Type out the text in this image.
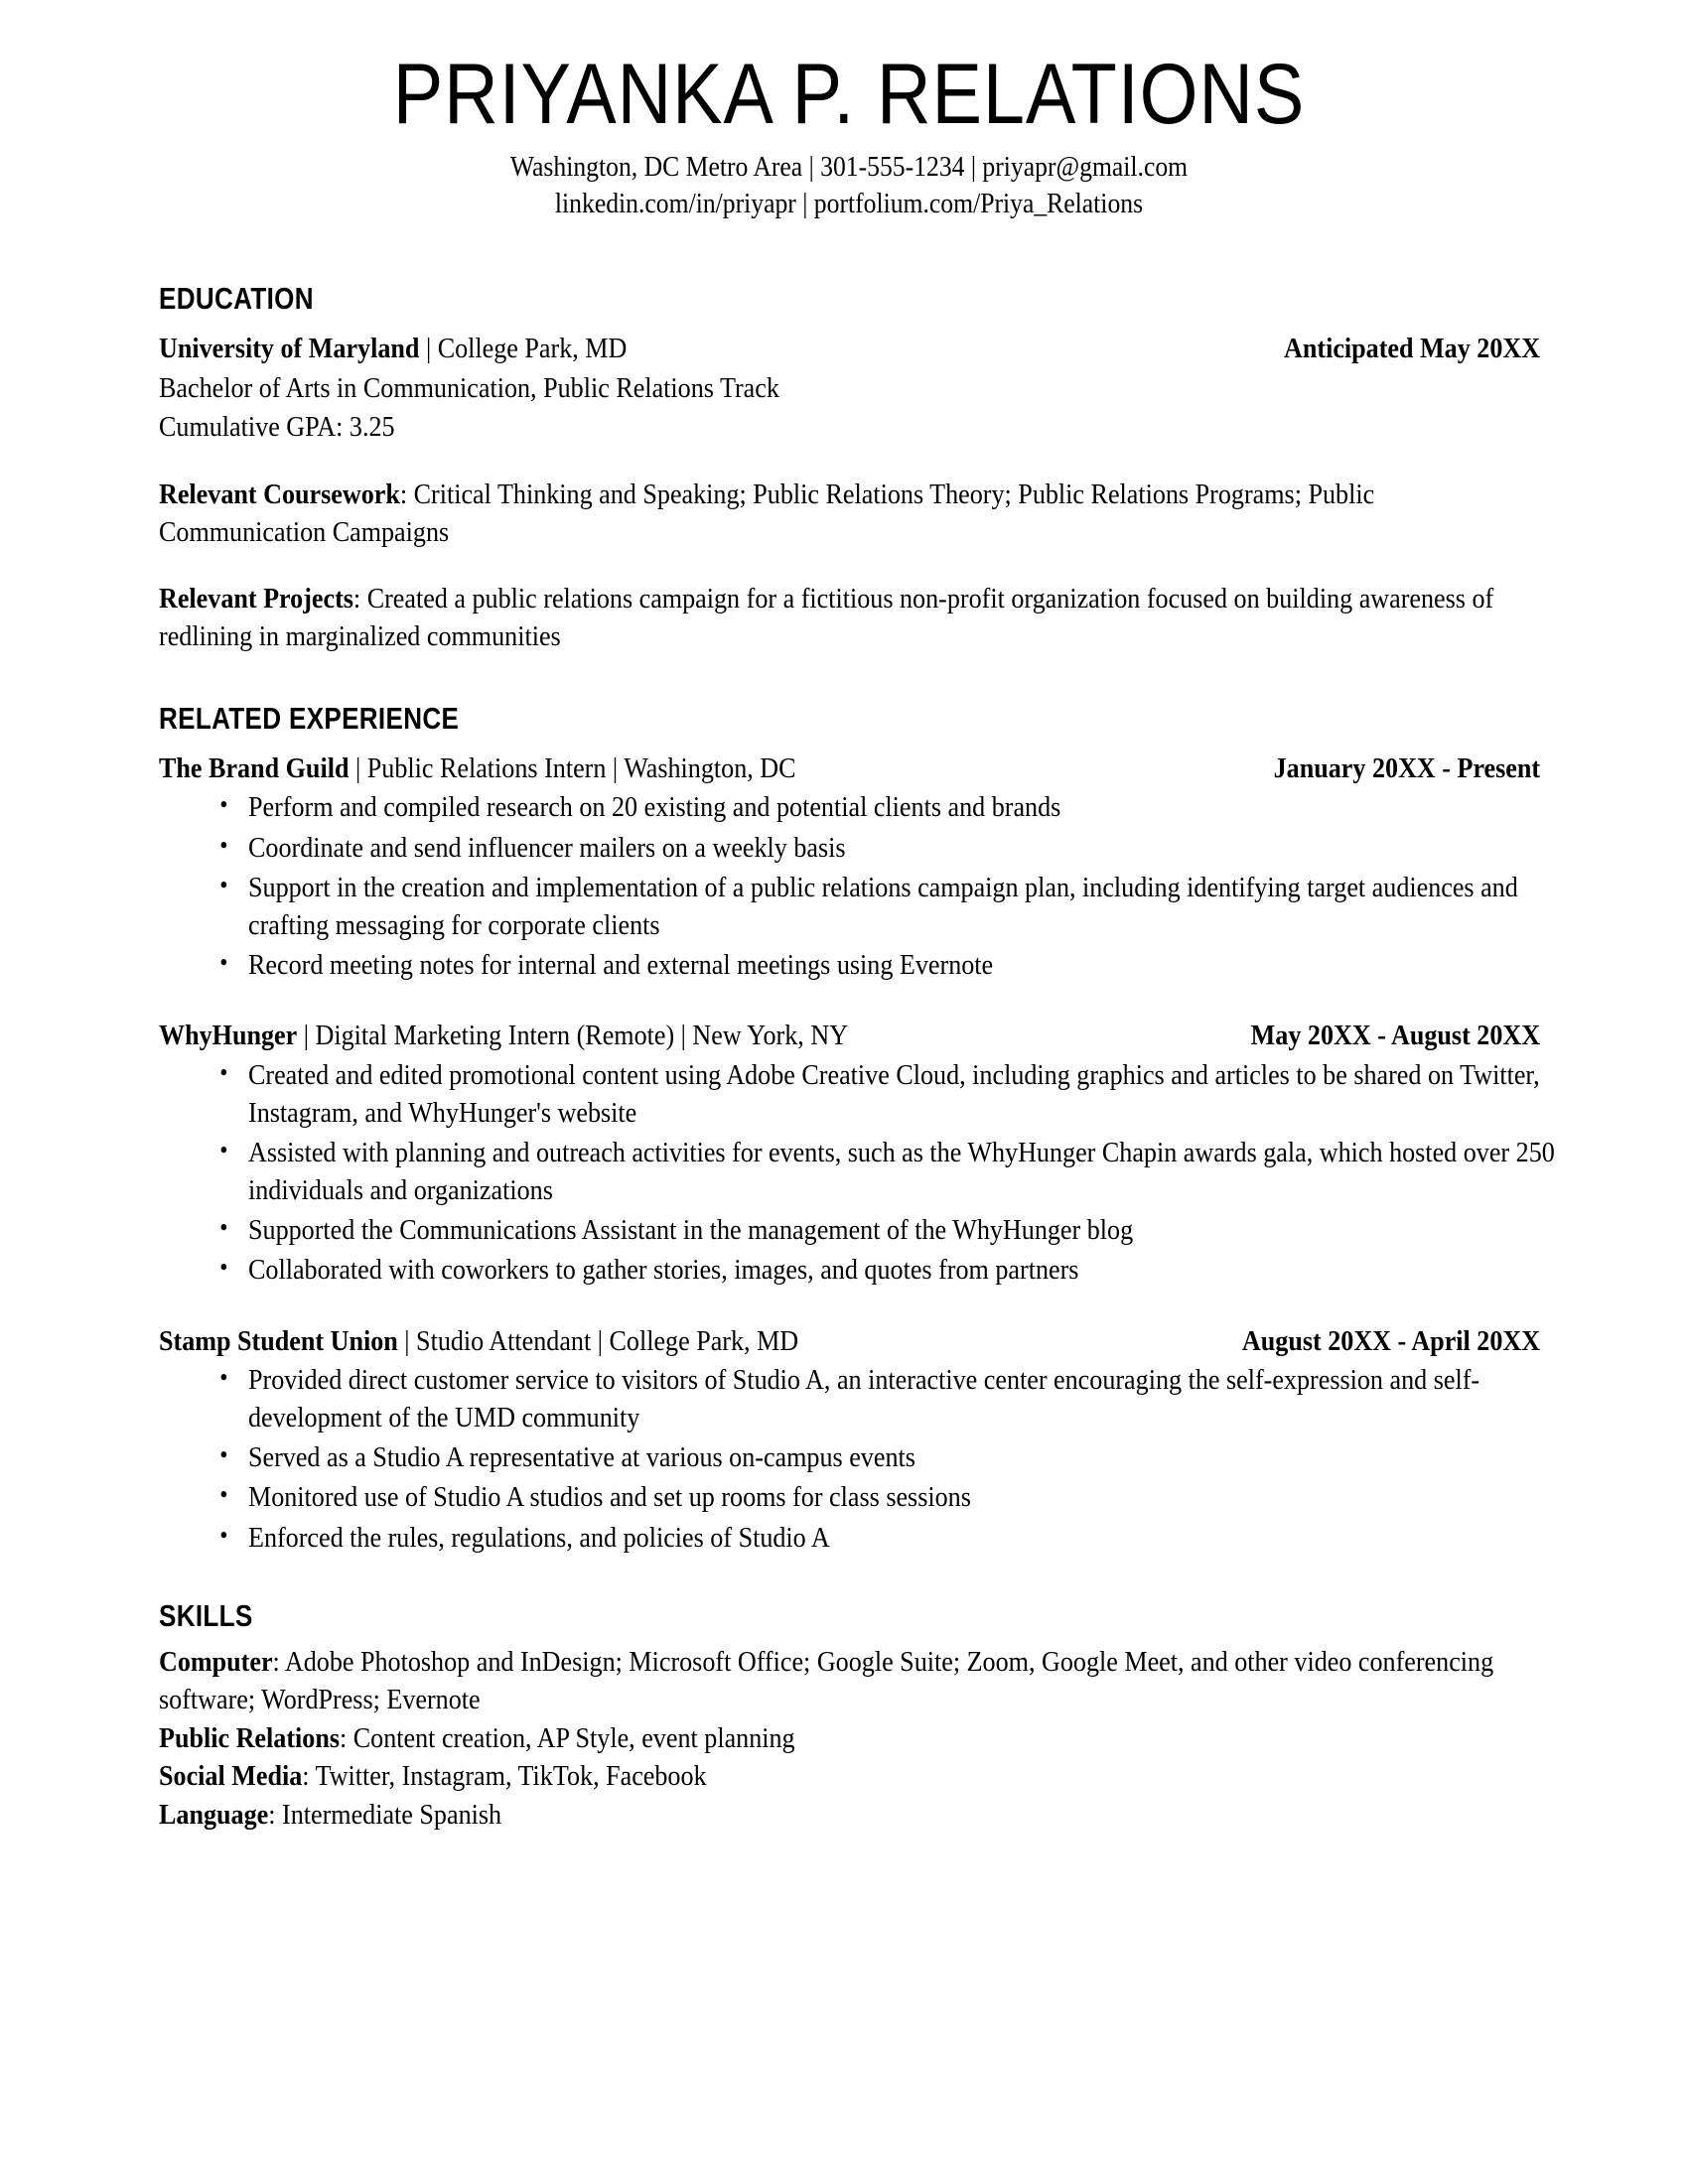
PRIYANKA P. RELATIONS
Washington, DC Metro Area | 301-555-1234 | priyapr@gmail.com
linkedin.com/in/priyapr | portfolium.com/Priya_Relations
EDUCATION
University of Maryland | College Park, MD	Anticipated May 20XX
Bachelor of Arts in Communication, Public Relations Track
Cumulative GPA: 3.25
Relevant Coursework: Critical Thinking and Speaking; Public Relations Theory; Public Relations Programs; Public Communication Campaigns
Relevant Projects: Created a public relations campaign for a fictitious non-profit organization focused on building awareness of redlining in marginalized communities
RELATED EXPERIENCE
The Brand Guild | Public Relations Intern | Washington, DC	January 20XX - Present
• Perform and compiled research on 20 existing and potential clients and brands
• Coordinate and send influencer mailers on a weekly basis
• Support in the creation and implementation of a public relations campaign plan, including identifying target audiences and crafting messaging for corporate clients
• Record meeting notes for internal and external meetings using Evernote
WhyHunger | Digital Marketing Intern (Remote) | New York, NY	May 20XX - August 20XX
• Created and edited promotional content using Adobe Creative Cloud, including graphics and articles to be shared on Twitter, Instagram, and WhyHunger's website
• Assisted with planning and outreach activities for events, such as the WhyHunger Chapin awards gala, which hosted over 250 individuals and organizations
• Supported the Communications Assistant in the management of the WhyHunger blog
• Collaborated with coworkers to gather stories, images, and quotes from partners
Stamp Student Union | Studio Attendant | College Park, MD	August 20XX - April 20XX
• Provided direct customer service to visitors of Studio A, an interactive center encouraging the self-expression and self-development of the UMD community
• Served as a Studio A representative at various on-campus events
• Monitored use of Studio A studios and set up rooms for class sessions
• Enforced the rules, regulations, and policies of Studio A
SKILLS
Computer: Adobe Photoshop and InDesign; Microsoft Office; Google Suite; Zoom, Google Meet, and other video conferencing software; WordPress; Evernote
Public Relations: Content creation, AP Style, event planning
Social Media: Twitter, Instagram, TikTok, Facebook
Language: Intermediate Spanish
